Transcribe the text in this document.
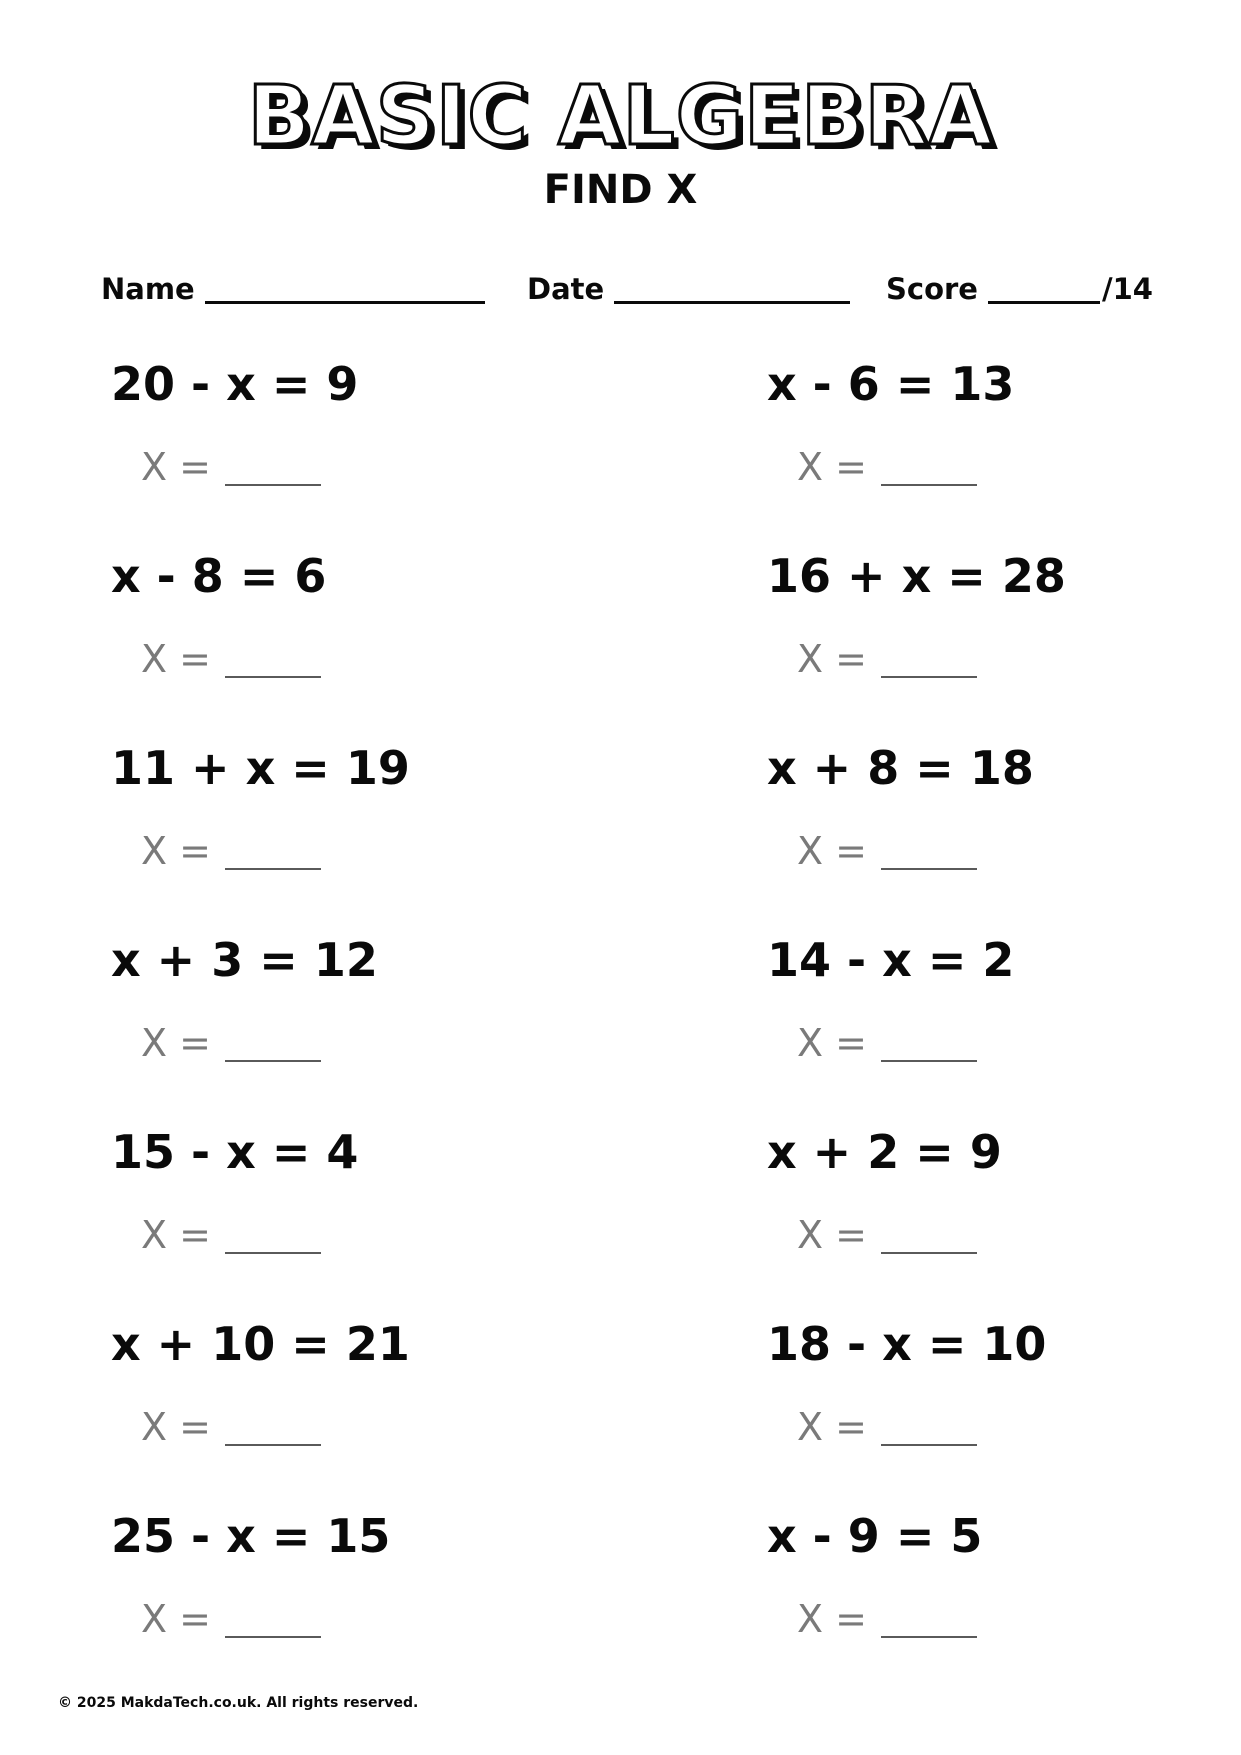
BASIC ALGEBRA
FIND X
Name	Date	Score	/14
20 - x = 9
X =
x - 8 = 6
X =
11 + x = 19
X =
x + 3 = 12
X =
15 - x = 4
X =
x + 10 = 21
X =
25 - x = 15
X =
x - 6 = 13
X =
16 + x = 28
X =
x + 8 = 18
X =
14 - x = 2
X =
x + 2 = 9
X =
18 - x = 10
X =
x - 9 = 5
X =
© 2025 MakdaTech.co.uk. All rights reserved.
